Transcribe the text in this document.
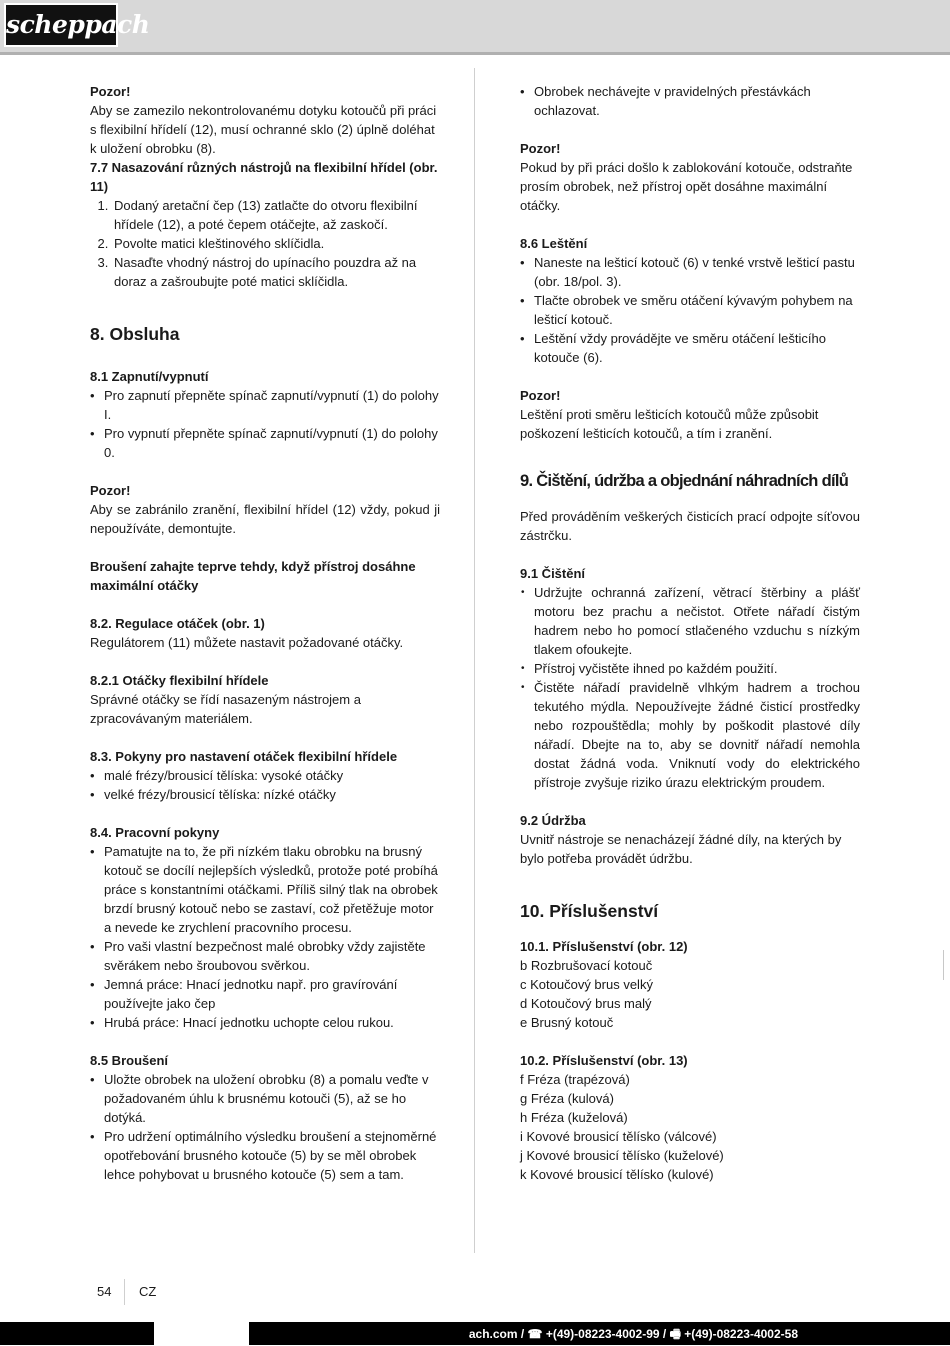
scheppach

Pozor!

Aby se zamezilo nekontrolovanému dotyku kotoučů při práci s flexibilní hřídelí (12), musí ochranné sklo (2) úplně doléhat k uložení obrobku (8).

7.7 Nasazování různých nástrojů na flexibilní hřídel (obr. 11)

1. Dodaný aretační čep (13) zatlačte do otvoru flexibilní hřídele (12), a poté čepem otáčejte, až zaskočí.
2. Povolte matici kleštinového sklíčidla.
3. Nasaďte vhodný nástroj do upínacího pouzdra až na doraz a zašroubujte poté matici sklíčidla.

8. Obsluha

8.1 Zapnutí/vypnutí

• Pro zapnutí přepněte spínač zapnutí/vypnutí (1) do polohy I.
• Pro vypnutí přepněte spínač zapnutí/vypnutí (1) do polohy 0.

Pozor!

Aby se zabránilo zranění, flexibilní hřídel (12) vždy, pokud ji nepoužíváte, demontujte.

Broušení zahajte teprve tehdy, když přístroj dosáhne maximální otáčky

8.2. Regulace otáček (obr. 1)

Regulátorem (11) můžete nastavit požadované otáčky.

8.2.1 Otáčky flexibilní hřídele

Správné otáčky se řídí nasazeným nástrojem a zpracovávaným materiálem.

8.3. Pokyny pro nastavení otáček flexibilní hřídele

• malé frézy/brousicí tělíska: vysoké otáčky
• velké frézy/brousicí tělíska: nízké otáčky

8.4. Pracovní pokyny

• Pamatujte na to, že při nízkém tlaku obrobku na brusný kotouč se docílí nejlepších výsledků, protože poté probíhá práce s konstantními otáčkami. Příliš silný tlak na obrobek brzdí brusný kotouč nebo se zastaví, což přetěžuje motor a nevede ke zrychlení pracovního procesu.
• Pro vaši vlastní bezpečnost malé obrobky vždy zajistěte svěrákem nebo šroubovou svěrkou.
• Jemná práce: Hnací jednotku např. pro gravírování používejte jako čep
• Hrubá práce: Hnací jednotku uchopte celou rukou.

8.5 Broušení

• Uložte obrobek na uložení obrobku (8) a pomalu veďte v požadovaném úhlu k brusnému kotouči (5), až se ho dotýká.
• Pro udržení optimálního výsledku broušení a stejnoměrné opotřebování brusného kotouče (5) by se měl obrobek lehce pohybovat u brusného kotouče (5) sem a tam.
• Obrobek nechávejte v pravidelných přestávkách ochlazovat.

Pozor!

Pokud by při práci došlo k zablokování kotouče, odstraňte prosím obrobek, než přístroj opět dosáhne maximální otáčky.

8.6 Leštění

• Naneste na lešticí kotouč (6) v tenké vrstvě lešticí pastu (obr. 18/pol. 3).
• Tlačte obrobek ve směru otáčení kývavým pohybem na lešticí kotouč.
• Leštění vždy provádějte ve směru otáčení lešticího kotouče (6).

Pozor!

Leštění proti směru lešticích kotoučů může způsobit poškození lešticích kotoučů, a tím i zranění.

9. Čištění, údržba a objednání náhradních dílů

Před prováděním veškerých čisticích prací odpojte síťovou zástrčku.

9.1 Čištění

• Udržujte ochranná zařízení, větrací štěrbiny a plášť motoru bez prachu a nečistot. Otřete nářadí čistým hadrem nebo ho pomocí stlačeného vzduchu s nízkým tlakem ofoukejte.
• Přístroj vyčistěte ihned po každém použití.
• Čistěte nářadí pravidelně vlhkým hadrem a trochou tekutého mýdla. Nepoužívejte žádné čisticí prostředky nebo rozpouštědla; mohly by poškodit plastové díly nářadí. Dbejte na to, aby se dovnitř nářadí nemohla dostat žádná voda. Vniknutí vody do elektrického přístroje zvyšuje riziko úrazu elektrickým proudem.

9.2 Údržba

Uvnitř nástroje se nenacházejí žádné díly, na kterých by bylo potřeba provádět údržbu.

10. Příslušenství

10.1. Příslušenství (obr. 12)

b Rozbrušovací kotouč

c Kotoučový brus velký

d Kotoučový brus malý

e Brusný kotouč

10.2. Příslušenství (obr. 13)

f Fréza (trapézová)

g Fréza (kulová)

h Fréza (kuželová)

i Kovové brousicí tělísko (válcové)

j Kovové brousicí tělísko (kuželové)

k Kovové brousicí tělísko (kulové)

54 CZ
ach.com / ☎ +(49)-08223-4002-99 / 🖷 +(49)-08223-4002-58
